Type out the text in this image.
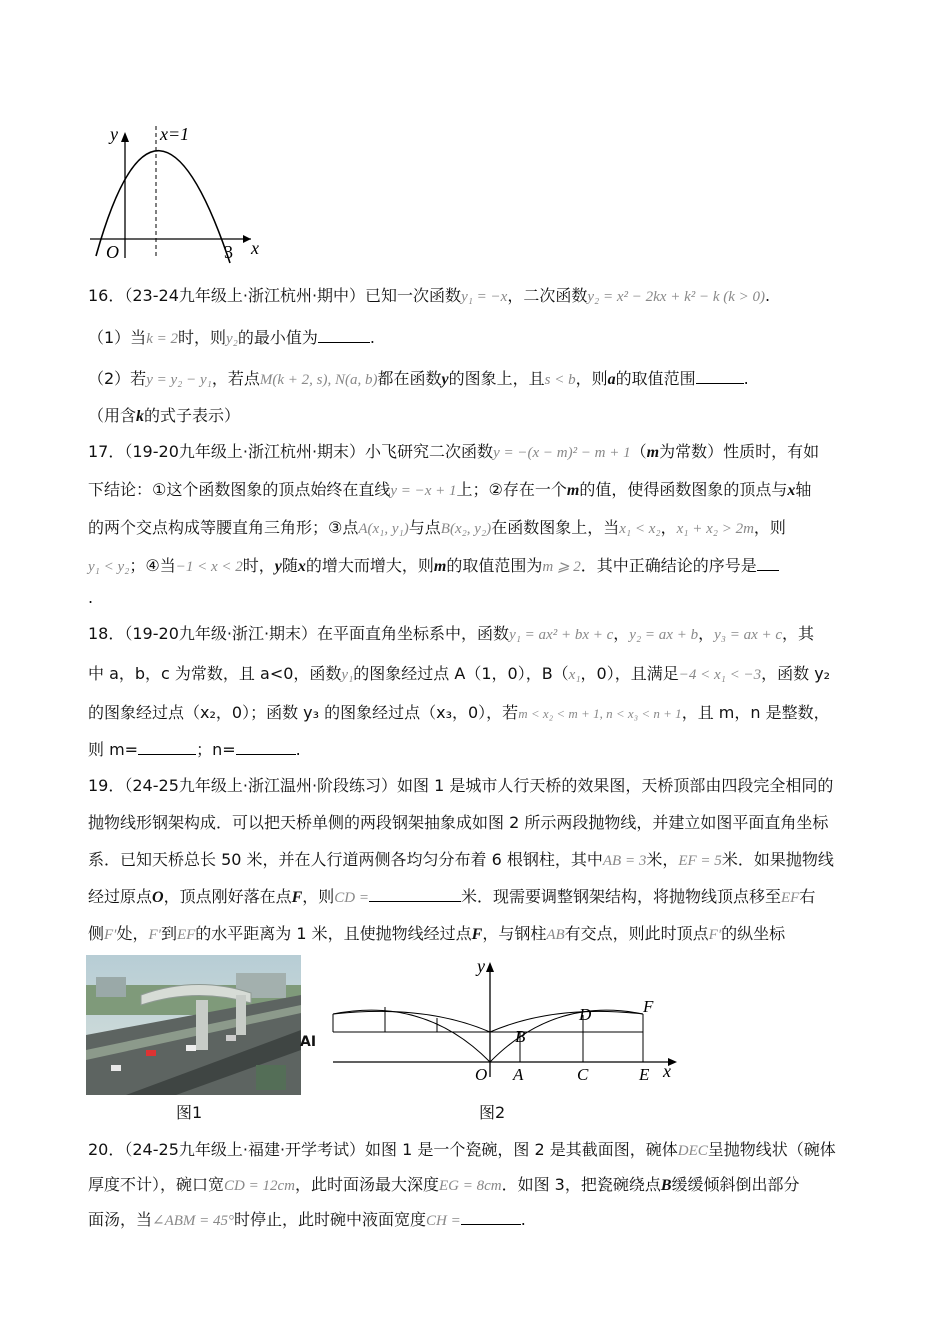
y x=1
O	3 x
16．（23-24九年级上·浙江杭州·期中）已知一次函数y₁ = −x，二次函数y₂ = x² − 2kx + k² − k (k > 0).
（1）当k = 2时，则y₂的最小值为	.
（2）若y = y₂ − y₁，若点M(k + 2, s), N(a, b)都在函数y的图象上，且s < b，则a的取值范围	.
（用含k的式子表示）
17．（19-20九年级上·浙江杭州·期末）小飞研究二次函数y = −(x − m)² − m + 1（m为常数）性质时，有如
下结论：①这个函数图象的顶点始终在直线y = −x + 1上；②存在一个m的值，使得函数图象的顶点与x轴
的两个交点构成等腰直角三角形；③点A(x₁, y₁)与点B(x₂, y₂)在函数图象上，当x₁ < x₂，x₁ + x₂ > 2m，则
y₁ < y₂；④当−1 < x < 2时，y随x的增大而增大，则m的取值范围为m ⩾ 2．其中正确结论的序号是
.
18．（19-20九年级·浙江·期末）在平面直角坐标系中，函数y₁ = ax² + bx + c，y₂ = ax + b，y₃ = ax + c，其
中 a，b，c 为常数，且 a<0，函数y₁的图象经过点 A（1，0），B（x₁，0），且满足−4 < x₁ < −3，函数 y₂
的图象经过点（x₂，0）；函数 y₃ 的图象经过点（x₃，0），若m < x₂ < m + 1, n < x₃ < n + 1，且 m，n 是整数，
则 m=	；n=	.
19．（24-25九年级上·浙江温州·阶段练习）如图 1 是城市人行天桥的效果图，天桥顶部由四段完全相同的
抛物线形钢架构成．可以把天桥单侧的两段钢架抽象成如图 2 所示两段抛物线，并建立如图平面直角坐标
系．已知天桥总长 50 米，并在人行道两侧各均匀分布着 6 根钢柱，其中AB = 3米，EF = 5米．如果抛物线
经过原点O，顶点刚好落在点F，则CD =	米．现需要调整钢架结构，将抛物线顶点移至EF右
侧F′处，F′到EF的水平距离为 1 米，且使抛物线经过点F，与钢柱AB有交点，则此时顶点F′的纵坐标
AI
y
x
O A
B
C
D
E
F
图1	图2
20．（24-25九年级上·福建·开学考试）如图 1 是一个瓷碗，图 2 是其截面图，碗体DEC呈抛物线状（碗体
厚度不计），碗口宽CD = 12cm，此时面汤最大深度EG = 8cm．如图 3，把瓷碗绕点B缓缓倾斜倒出部分
面汤，当∠ABM = 45°时停止，此时碗中液面宽度CH =	.
